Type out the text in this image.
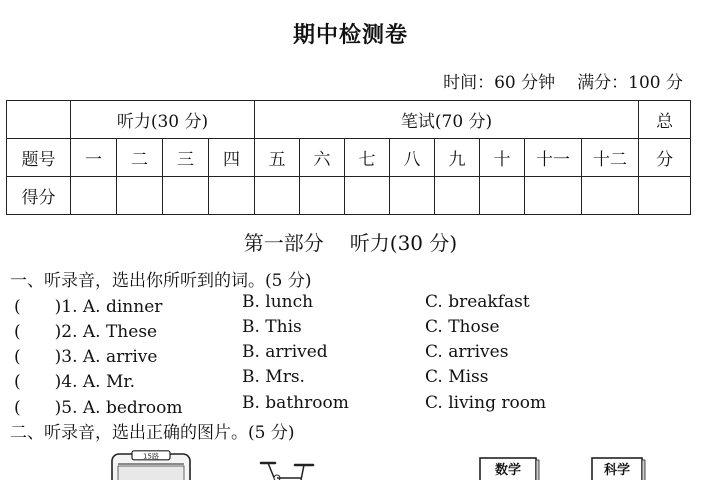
期中检测卷
时间：60 分钟 满分：100 分
	听力(30 分)				笔试(70 分)								总
题号	一	二	三	四	五	六	七	八	九	十	十一	十二	分
得分													
第一部分 听力(30 分)
一、听录音，选出你所听到的词。(5 分)
(　　)1. A. dinner	B. lunch	C. breakfast
(　　)2. A. These	B. This	C. Those
(　　)3. A. arrive	B. arrived	C. arrives
(　　)4. A. Mr.	B. Mrs.	C. Miss
(　　)5. A. bedroom	B. bathroom	C. living room
二、听录音，选出正确的图片。(5 分)
15路
数学	科学
